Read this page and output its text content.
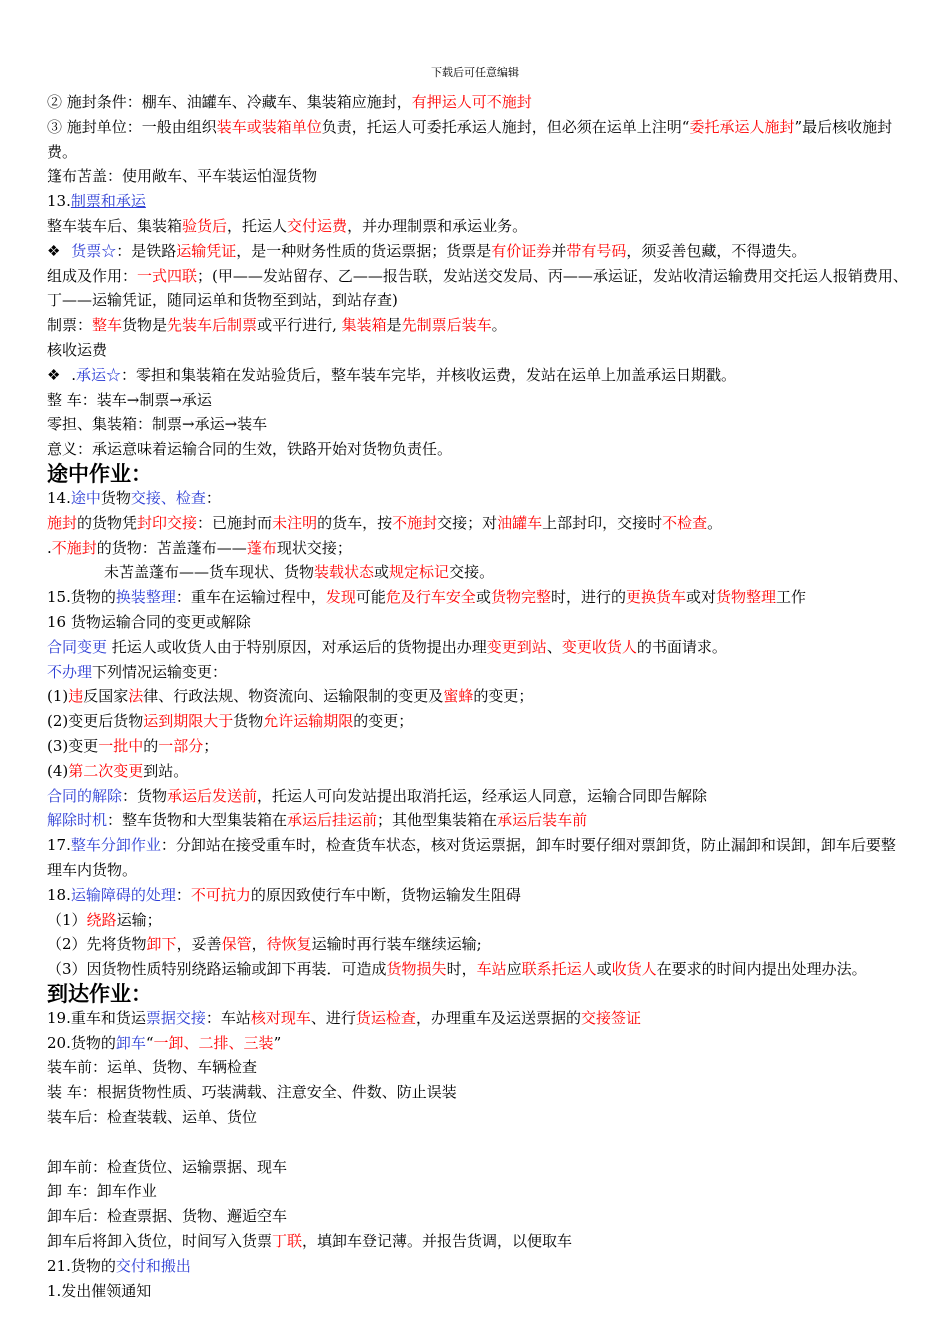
下载后可任意编辑
② 施封条件：棚车、油罐车、冷藏车、集装箱应施封，有押运人可不施封
③ 施封单位：一般由组织装车或装箱单位负责，托运人可委托承运人施封，但必须在运单上注明“委托承运人施封”最后核收施封费。
篷布苫盖：使用敞车、平车装运怕湿货物
13.制票和承运
整车装车后、集装箱验货后，托运人交付运费，并办理制票和承运业务。
❖ 货票☆：是铁路运输凭证，是一种财务性质的货运票据；货票是有价证券并带有号码，须妥善包藏，不得遗失。
组成及作用：一式四联；(甲——发站留存、乙——报告联，发站送交发局、丙——承运证，发站收清运输费用交托运人报销费用、丁——运输凭证，随同运单和货物至到站，到站存查)
制票：整车货物是先装车后制票或平行进行, 集装箱是先制票后装车。
核收运费
❖ .承运☆：零担和集装箱在发站验货后，整车装车完毕，并核收运费，发站在运单上加盖承运日期戳。
整 车：装车→制票→承运
零担、集装箱：制票→承运→装车
意义：承运意味着运输合同的生效，铁路开始对货物负责任。
途中作业：
14.途中货物交接、检查：
施封的货物凭封印交接：已施封而未注明的货车，按不施封交接；对油罐车上部封印，交接时不检查。
.不施封的货物：苫盖蓬布——蓬布现状交接；
未苫盖蓬布——货车现状、货物装载状态或规定标记交接。
15.货物的换装整理：重车在运输过程中，发现可能危及行车安全或货物完整时，进行的更换货车或对货物整理工作
16 货物运输合同的变更或解除
合同变更 托运人或收货人由于特别原因，对承运后的货物提出办理变更到站、变更收货人的书面请求。
不办理下列情况运输变更：
(1)违反国家法律、行政法规、物资流向、运输限制的变更及蜜蜂的变更；
(2)变更后货物运到期限大于货物允许运输期限的变更；
(3)变更一批中的一部分；
(4)第二次变更到站。
合同的解除：货物承运后发送前，托运人可向发站提出取消托运，经承运人同意，运输合同即告解除
解除时机：整车货物和大型集装箱在承运后挂运前；其他型集装箱在承运后装车前
17.整车分卸作业：分卸站在接受重车时，检查货车状态，核对货运票据，卸车时要仔细对票卸货，防止漏卸和误卸，卸车后要整理车内货物。
18.运输障碍的处理：不可抗力的原因致使行车中断，货物运输发生阻碍
（1）绕路运输；
（2）先将货物卸下，妥善保管，待恢复运输时再行装车继续运输;
（3）因货物性质特别绕路运输或卸下再装．可造成货物损失时，车站应联系托运人或收货人在要求的时间内提出处理办法。
到达作业：
19.重车和货运票据交接：车站核对现车、进行货运检查，办理重车及运送票据的交接签证
20.货物的卸车“一卸、二排、三装”
装车前：运单、货物、车辆检查
装 车：根据货物性质、巧装满载、注意安全、件数、防止误装
装车后：检查装载、运单、货位
卸车前：检查货位、运输票据、现车
卸 车：卸车作业
卸车后：检查票据、货物、邂逅空车
卸车后将卸入货位，时间写入货票丁联，填卸车登记薄。并报告货调，以便取车
21.货物的交付和搬出
1.发出催领通知
